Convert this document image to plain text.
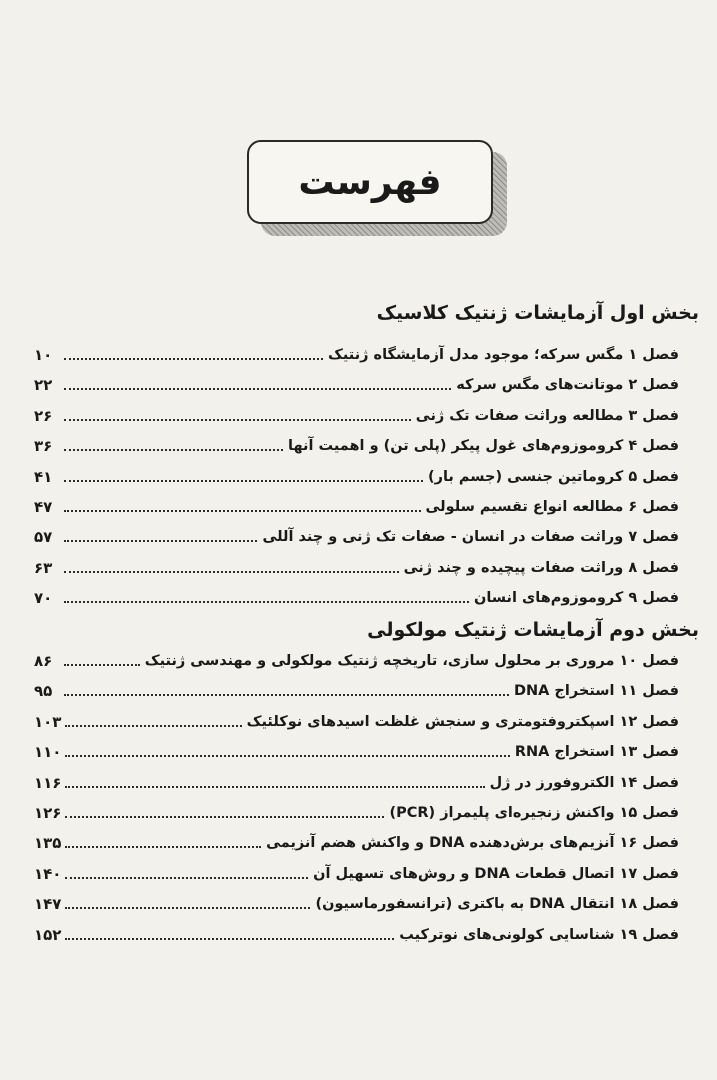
فهرست
بخش اول آزمایشات ژنتیک کلاسیک
فصل ۱ مگس سرکه؛ موجود مدل آزمایشگاه ژنتیک
۱۰
فصل ۲ موتانت‌های مگس سرکه
۲۲
فصل ۳ مطالعه وراثت صفات تک ژنی
۲۶
فصل ۴ کروموزوم‌های غول پیکر (پلی تن) و اهمیت آنها
۳۶
فصل ۵ کروماتین جنسی (جسم بار)
۴۱
فصل ۶ مطالعه انواع تقسیم سلولی
۴۷
فصل ۷ وراثت صفات در انسان - صفات تک ژنی و چند آللی
۵۷
فصل ۸ وراثت صفات پیچیده و چند ژنی
۶۳
فصل ۹ کروموزوم‌های انسان
۷۰
بخش دوم آزمایشات ژنتیک مولکولی
فصل ۱۰ مروری بر محلول سازی، تاریخچه ژنتیک مولکولی و مهندسی ژنتیک
۸۶
فصل ۱۱ استخراج DNA
۹۵
فصل ۱۲ اسپکتروفتومتری و سنجش غلظت اسیدهای نوکلئیک
۱۰۳
فصل ۱۳ استخراج RNA
۱۱۰
فصل ۱۴ الکتروفورز در ژل
۱۱۶
فصل ۱۵ واکنش زنجیره‌ای پلیمراز (PCR)
۱۲۶
فصل ۱۶ آنزیم‌های برش‌دهنده DNA و واکنش هضم آنزیمی
۱۳۵
فصل ۱۷ اتصال قطعات DNA و روش‌های تسهیل آن
۱۴۰
فصل ۱۸ انتقال DNA به باکتری (ترانسفورماسیون)
۱۴۷
فصل ۱۹ شناسایی کولونی‌های نوترکیب
۱۵۲
